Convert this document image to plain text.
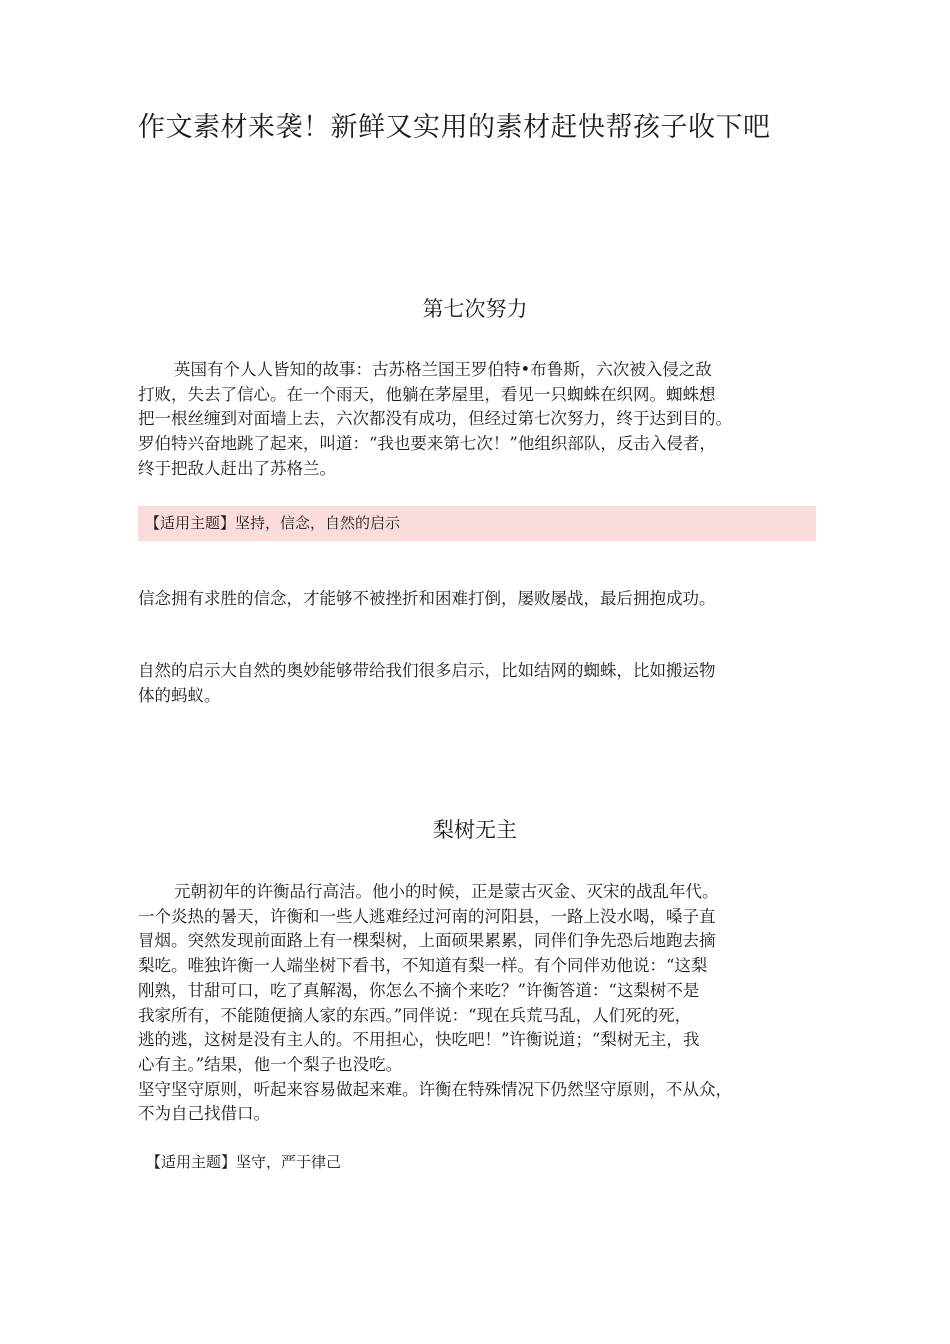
作文素材来袭！新鲜又实用的素材赶快帮孩子收下吧
第七次努力
英国有个人人皆知的故事：古苏格兰国王罗伯特•布鲁斯，六次被入侵之敌
打败，失去了信心。在一个雨天，他躺在茅屋里，看见一只蜘蛛在织网。蜘蛛想
把一根丝缠到对面墙上去，六次都没有成功，但经过第七次努力，终于达到目的。
罗伯特兴奋地跳了起来，叫道：“我也要来第七次！”他组织部队，反击入侵者，
终于把敌人赶出了苏格兰。
【适用主题】坚持，信念，自然的启示
信念拥有求胜的信念，才能够不被挫折和困难打倒，屡败屡战，最后拥抱成功。
自然的启示大自然的奥妙能够带给我们很多启示，比如结网的蜘蛛，比如搬运物
体的蚂蚁。
梨树无主
元朝初年的许衡品行高洁。他小的时候，正是蒙古灭金、灭宋的战乱年代。
一个炎热的暑天，许衡和一些人逃难经过河南的河阳县，一路上没水喝，嗓子直
冒烟。突然发现前面路上有一棵梨树，上面硕果累累，同伴们争先恐后地跑去摘
梨吃。唯独许衡一人端坐树下看书，不知道有梨一样。有个同伴劝他说：“这梨
刚熟，甘甜可口，吃了真解渴，你怎么不摘个来吃？”许衡答道：“这梨树不是
我家所有，不能随便摘人家的东西。”同伴说：“现在兵荒马乱，人们死的死，
逃的逃，这树是没有主人的。不用担心，快吃吧！”许衡说道；“梨树无主，我
心有主。”结果，他一个梨子也没吃。
坚守坚守原则，听起来容易做起来难。许衡在特殊情况下仍然坚守原则，不从众，
不为自己找借口。
【适用主题】坚守，严于律己
